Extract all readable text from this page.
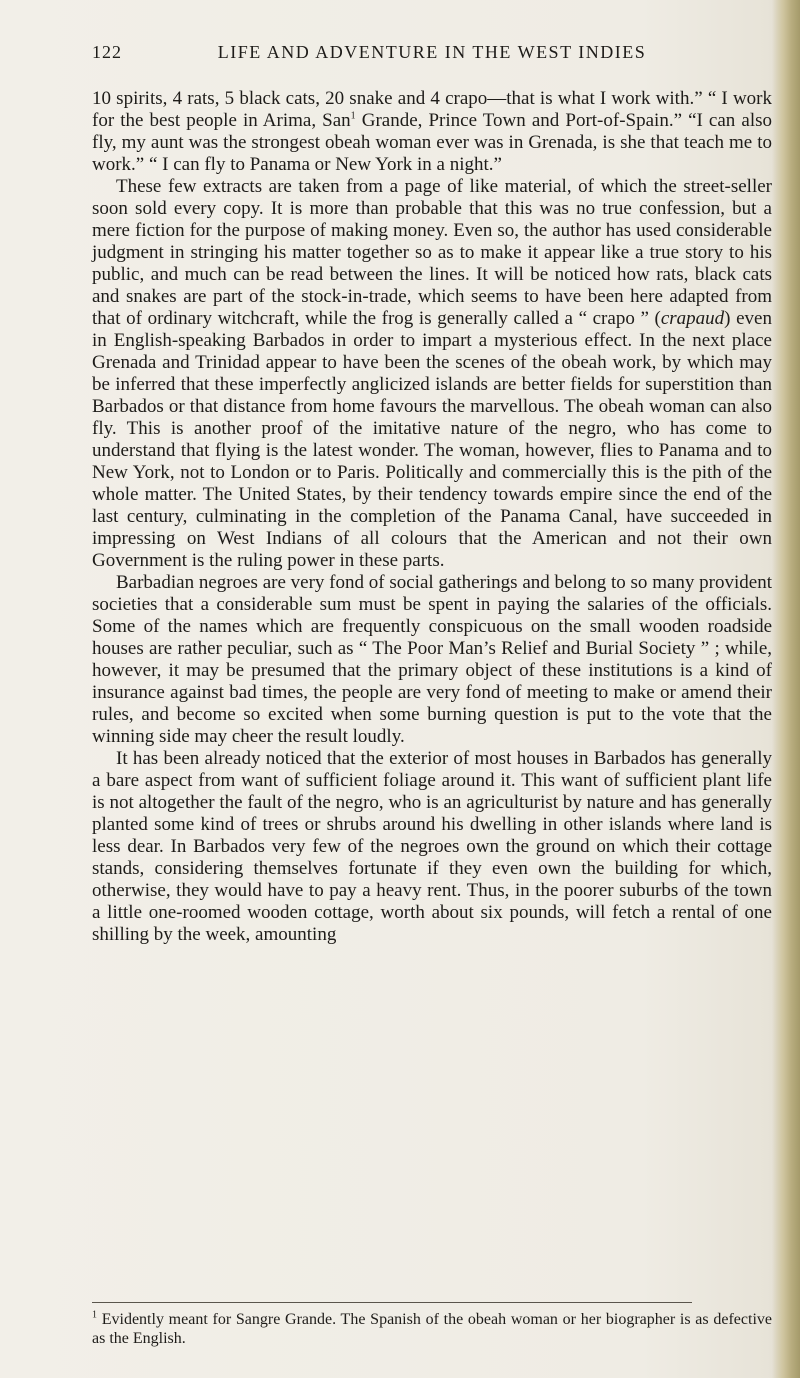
122	LIFE AND ADVENTURE IN THE WEST INDIES

10 spirits, 4 rats, 5 black cats, 20 snake and 4 crapo—that is what I work with.” “ I work for the best people in Arima, San$^1$ Grande, Prince Town and Port-of-Spain.” “I can also fly, my aunt was the strongest obeah woman ever was in Grenada, is she that teach me to work.” “ I can fly to Panama or New York in a night.”

These few extracts are taken from a page of like material, of which the street-seller soon sold every copy. It is more than probable that this was no true confession, but a mere fiction for the purpose of making money. Even so, the author has used considerable judgment in stringing his matter together so as to make it appear like a true story to his public, and much can be read between the lines. It will be noticed how rats, black cats and snakes are part of the stock-in-trade, which seems to have been here adapted from that of ordinary witchcraft, while the frog is generally called a “ crapo ” (crapaud) even in English-speaking Barbados in order to impart a mysterious effect. In the next place Grenada and Trinidad appear to have been the scenes of the obeah work, by which may be inferred that these imperfectly anglicized islands are better fields for superstition than Barbados or that distance from home favours the marvellous. The obeah woman can also fly. This is another proof of the imitative nature of the negro, who has come to understand that flying is the latest wonder. The woman, however, flies to Panama and to New York, not to London or to Paris. Politically and commercially this is the pith of the whole matter. The United States, by their tendency towards empire since the end of the last century, culminating in the completion of the Panama Canal, have succeeded in impressing on West Indians of all colours that the American and not their own Government is the ruling power in these parts.

Barbadian negroes are very fond of social gatherings and belong to so many provident societies that a considerable sum must be spent in paying the salaries of the officials. Some of the names which are frequently conspicuous on the small wooden roadside houses are rather peculiar, such as “ The Poor Man’s Relief and Burial Society ” ; while, however, it may be presumed that the primary object of these institutions is a kind of insurance against bad times, the people are very fond of meeting to make or amend their rules, and become so excited when some burning question is put to the vote that the winning side may cheer the result loudly.

It has been already noticed that the exterior of most houses in Barbados has generally a bare aspect from want of sufficient foliage around it. This want of sufficient plant life is not altogether the fault of the negro, who is an agriculturist by nature and has generally planted some kind of trees or shrubs around his dwelling in other islands where land is less dear. In Barbados very few of the negroes own the ground on which their cottage stands, considering themselves fortunate if they even own the building for which, otherwise, they would have to pay a heavy rent. Thus, in the poorer suburbs of the town a little one-roomed wooden cottage, worth about six pounds, will fetch a rental of one shilling by the week, amounting

$^1$ Evidently meant for Sangre Grande. The Spanish of the obeah woman or her biographer is as defective as the English.
